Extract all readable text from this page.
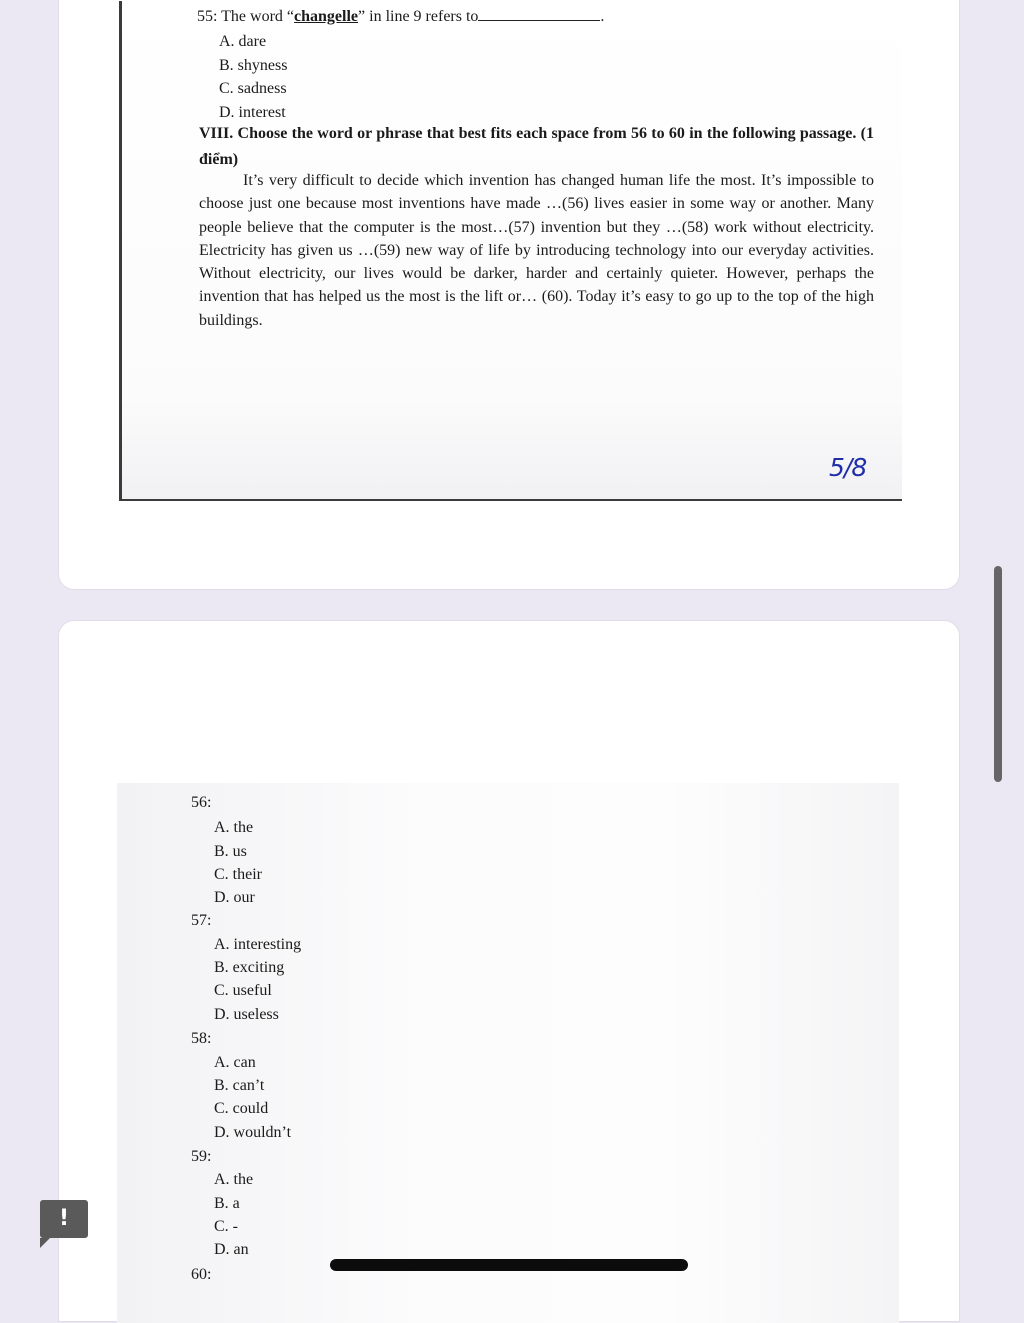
55: The word “changelle” in line 9 refers to	.
A. dare
B. shyness
C. sadness
D. interest
VIII. Choose the word or phrase that best fits each space from 56 to 60 in the following passage. (1 điểm)
It’s very difficult to decide which invention has changed human life the most. It’s impossible to choose just one because most inventions have made …(56) lives easier in some way or another. Many people believe that the computer is the most…(57) invention but they …(58) work without electricity. Electricity has given us …(59) new way of life by introducing technology into our everyday activities. Without electricity, our lives would be darker, harder and certainly quieter. However, perhaps the invention that has helped us the most is the lift or… (60). Today it’s easy to go up to the top of the high buildings.
5/8
56:
A. the
B. us
C. their
D. our
57:
A. interesting
B. exciting
C. useful
D. useless
58:
A. can
B. can’t
C. could
D. wouldn’t
59:
A. the
B. a
C. -
D. an
60:
!
